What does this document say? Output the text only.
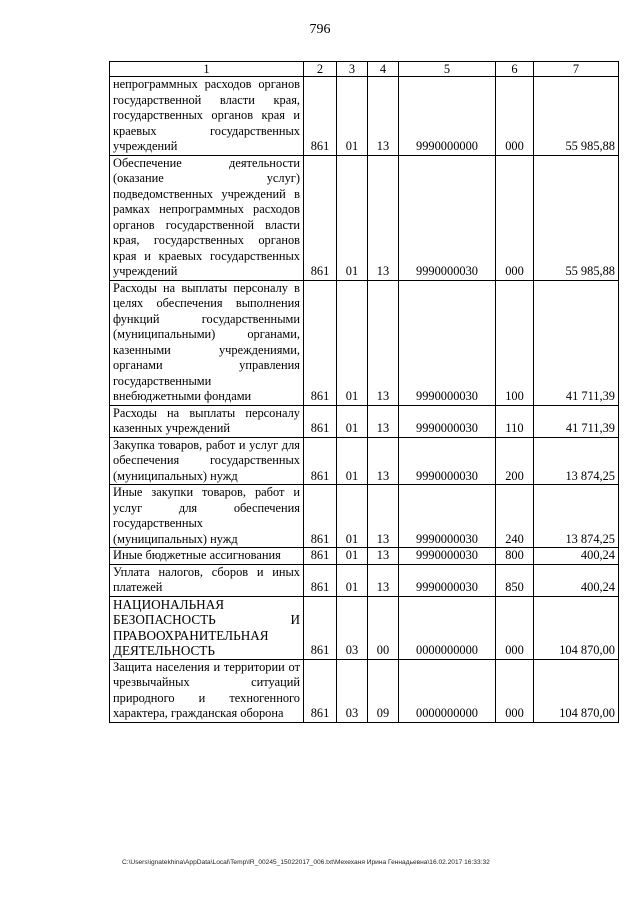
796
1	2	3	4	5	6	7
непрограммных расходов органов государственной власти края, государственных органов края и краевых государственных учреждений	861	01	13	9990000000	000	55 985,88
Обеспечение деятельности (оказание услуг) подведомственных учреждений в рамках непрограммных расходов органов государственной власти края, государственных органов края и краевых государственных учреждений	861	01	13	9990000030	000	55 985,88
Расходы на выплаты персоналу в целях обеспечения выполнения функций государственными (муниципальными) органами, казенными учреждениями, органами управления государственными внебюджетными фондами	861	01	13	9990000030	100	41 711,39
Расходы на выплаты персоналу казенных учреждений	861	01	13	9990000030	110	41 711,39
Закупка товаров, работ и услуг для обеспечения государственных (муниципальных) нужд	861	01	13	9990000030	200	13 874,25
Иные закупки товаров, работ и услуг для обеспечения государственных (муниципальных) нужд	861	01	13	9990000030	240	13 874,25
Иные бюджетные ассигнования	861	01	13	9990000030	800	400,24
Уплата налогов, сборов и иных платежей	861	01	13	9990000030	850	400,24
НАЦИОНАЛЬНАЯ БЕЗОПАСНОСТЬ И ПРАВООХРАНИТЕЛЬНАЯ ДЕЯТЕЛЬНОСТЬ	861	03	00	0000000000	000	104 870,00
Защита населения и территории от чрезвычайных ситуаций природного и техногенного характера, гражданская оборона	861	03	09	0000000000	000	104 870,00
C:\Users\ignatekhina\AppData\Local\Temp\IR_00245_15022017_006.txt\Мехеханя Ирина Геннадьевна\16.02.2017 16:33:32
